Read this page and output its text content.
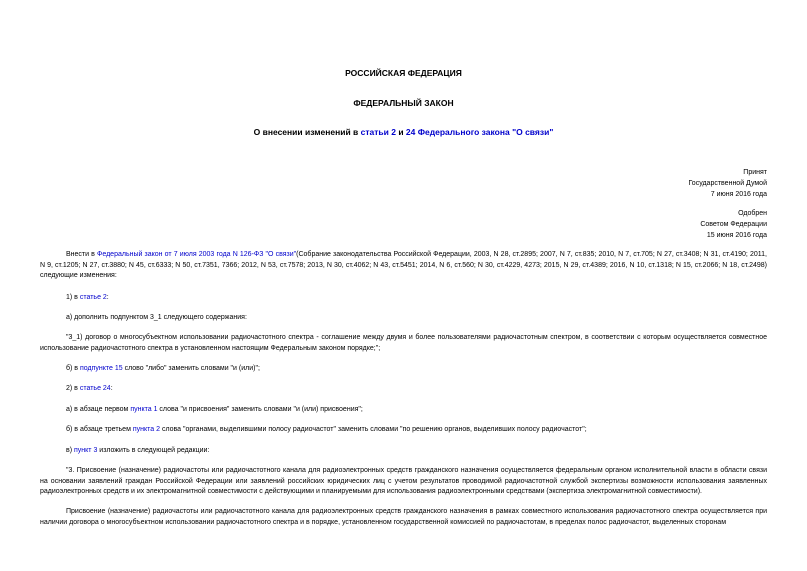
РОССИЙСКАЯ ФЕДЕРАЦИЯ
ФЕДЕРАЛЬНЫЙ ЗАКОН
О внесении изменений в статьи 2 и 24 Федерального закона "О связи"
Принят
Государственной Думой
7 июня 2016 года
Одобрен
Советом Федерации
15 июня 2016 года
Внести в Федеральный закон от 7 июля 2003 года N 126-ФЗ "О связи"(Собрание законодательства Российской Федерации, 2003, N 28, ст.2895; 2007, N 7, ст.835; 2010, N 7, ст.705; N 27, ст.3408; N 31, ст.4190; 2011, N 9, ст.1205; N 27, ст.3880; N 45, ст.6333; N 50, ст.7351, 7366; 2012, N 53, ст.7578; 2013, N 30, ст.4062; N 43, ст.5451; 2014, N 6, ст.560; N 30, ст.4229, 4273; 2015, N 29, ст.4389; 2016, N 10, ст.1318; N 15, ст.2066; N 18, ст.2498) следующие изменения:
1) в статье 2:
а) дополнить подпунктом 3_1 следующего содержания:
"3_1) договор о многосубъектном использовании радиочастотного спектра - соглашение между двумя и более пользователями радиочастотным спектром, в соответствии с которым осуществляется совместное использование радиочастотного спектра в установленном настоящим Федеральным законом порядке;";
б) в подпункте 15 слово "либо" заменить словами "и (или)";
2) в статье 24:
а) в абзаце первом пункта 1 слова "и присвоения" заменить словами "и (или) присвоения";
б) в абзаце третьем пункта 2 слова "органами, выделившими полосу радиочастот" заменить словами "по решению органов, выделивших полосу радиочастот";
в) пункт 3 изложить в следующей редакции:
"3. Присвоение (назначение) радиочастоты или радиочастотного канала для радиоэлектронных средств гражданского назначения осуществляется федеральным органом исполнительной власти в области связи на основании заявлений граждан Российской Федерации или заявлений российских юридических лиц с учетом результатов проводимой радиочастотной службой экспертизы возможности использования заявленных радиоэлектронных средств и их электромагнитной совместимости с действующими и планируемыми для использования радиоэлектронными средствами (экспертиза электромагнитной совместимости).
Присвоение (назначение) радиочастоты или радиочастотного канала для радиоэлектронных средств гражданского назначения в рамках совместного использования радиочастотного спектра осуществляется при наличии договора о многосубъектном использовании радиочастотного спектра и в порядке, установленном государственной комиссией по радиочастотам, в пределах полос радиочастот, выделенных сторонам
